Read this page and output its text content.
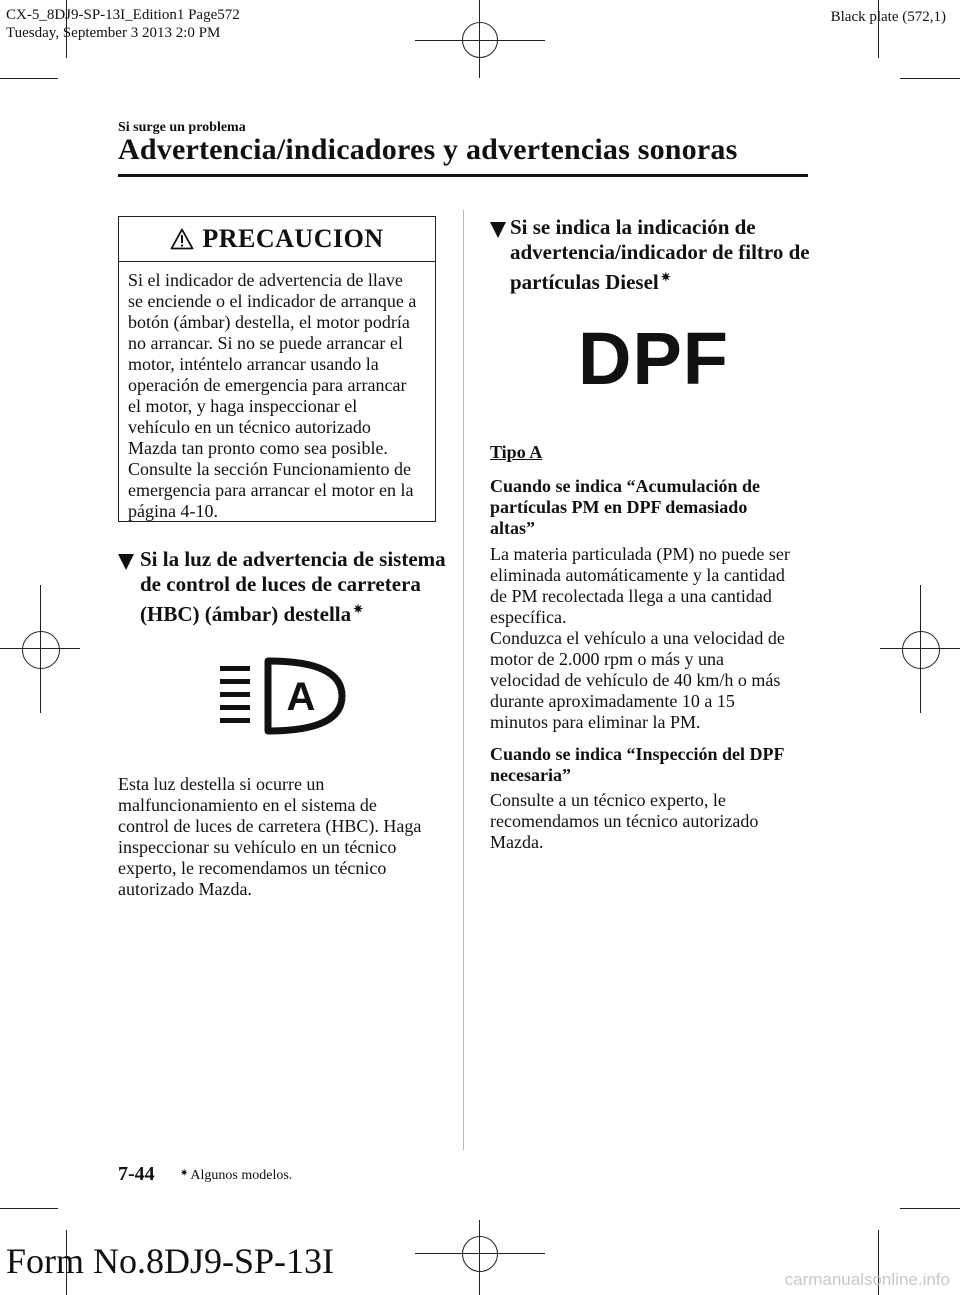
CX-5_8DJ9-SP-13I_Edition1 Page572
Tuesday, September 3 2013 2:0 PM
Black plate (572,1)
Si surge un problema
Advertencia/indicadores y advertencias sonoras
PRECAUCION
Si el indicador de advertencia de llave
se enciende o el indicador de arranque a
botón (ámbar) destella, el motor podría
no arrancar. Si no se puede arrancar el
motor, inténtelo arrancar usando la
operación de emergencia para arrancar
el motor, y haga inspeccionar el
vehículo en un técnico autorizado
Mazda tan pronto como sea posible.
Consulte la sección Funcionamiento de
emergencia para arrancar el motor en la
página 4-10.
Si la luz de advertencia de sistema
de control de luces de carretera
(HBC) (ámbar) destella ✷
A
Esta luz destella si ocurre un
malfuncionamiento en el sistema de
control de luces de carretera (HBC). Haga
inspeccionar su vehículo en un técnico
experto, le recomendamos un técnico
autorizado Mazda.
Si se indica la indicación de
advertencia/indicador de filtro de
partículas Diesel ✷
DPF
Tipo A
Cuando se indica “Acumulación de
partículas PM en DPF demasiado
altas”
La materia particulada (PM) no puede ser
eliminada automáticamente y la cantidad
de PM recolectada llega a una cantidad
específica.
Conduzca el vehículo a una velocidad de
motor de 2.000 rpm o más y una
velocidad de vehículo de 40 km/h o más
durante aproximadamente 10 a 15
minutos para eliminar la PM.
Cuando se indica “Inspección del DPF
necesaria”
Consulte a un técnico experto, le
recomendamos un técnico autorizado
Mazda.
7-44	✷ Algunos modelos.
Form No.8DJ9-SP-13I	carmanualsonline.info
